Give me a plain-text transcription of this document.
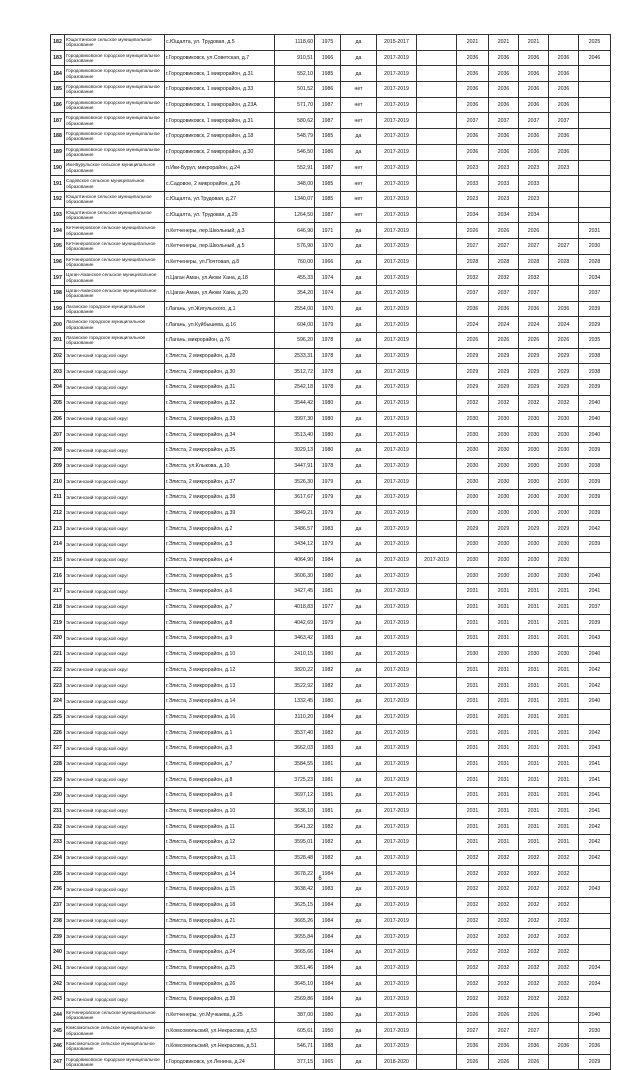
182	Ющалтинское сельское муниципальное образование	с.Ющалта, ул. Трудовая, д.5	1118,60	1975	да	2015-2017		2021	2021	2021		2025
183	Городовиковское городское муниципальное образование	г.Городовиковск, ул.Советская, д.7	910,51	1966	да	2017-2019		2036	2036	2036	2036	2046
184	Городовиковское городское муниципальное образование	г.Городовиковск, 1 микрорайон, д.31	552,10	1985	да	2017-2019		2036	2036	2036	2036	
185	Городовиковское городское муниципальное образование	г.Городовиковск, 1 микрорайон, д.33	501,52	1986	нет	2017-2019		2036	2036	2036	2036	
186	Городовиковское городское муниципальное образование	г.Городовиковск, 1 микрорайон, д.23А	571,70	1987	нет	2017-2019		2036	2036	2036	2036	
187	Городовиковское городское муниципальное образование	г.Городовиковск, 1 микрорайон, д.31	580,62	1987	нет	2017-2019		2037	2037	2037	2037	
188	Городовиковское городское муниципальное образование	г.Городовиковск, 2 микрорайон, д.18	548,79	1985	да	2017-2019		2036	2036	2036	2036	
189	Городовиковское городское муниципальное образование	г.Городовиковск, 2 микрорайон, д.30	546,50	1986	да	2017-2019		2036	2036	2036	2036	
190	Ики-Бурульское сельское муниципальное образование	п.Ики-Бурул, микрорайон, д.24	552,91	1987	нет	2017-2019		2023	2023	2023	2023	
191	Садовское сельское муниципальное образование	с.Садовое, 2 микрорайон, д.26	348,00	1985	нет	2017-2019		2033	2033	2033		
192	Ющалтинское сельское муниципальное образование	с.Ющалта, ул.Трудовая, д.27	1340,07	1985	нет	2017-2019		2023	2023	2023		
193	Ющалтинское сельское муниципальное образование	с.Ющалта, ул. Трудовая, д.29	1264,50	1987	нет	2017-2019		2034	2034	2034		
194	Кетченеровское сельское муниципальное образование	п.Кетченеры, пер.Школьный, д.3	646,90	1971	да	2017-2019		2026	2026	2026		2031
195	Кетченеровское сельское муниципальное образование	п.Кетченеры, пер.Школьный, д.5	576,90	1970	да	2017-2019		2027	2027	2027	2027	2030
196	Кетченеровское сельское муниципальное образование	п.Кетченеры, ул.Почтовая, д.8	760,00	1966	да	2017-2019		2028	2028	2028	2028	2028
197	Цаган-Аманское сельское муниципальное образование	п.Цаган Аман, ул.Аюки Хана, д.18	455,33	1974	да	2017-2019		2032	2032	2032		2034
198	Цаган-Аманское сельское муниципальное образование	п.Цаган Аман, ул.Аюки Хана, д.20	354,20	1974	да	2017-2019		2037	2037	2037		2037
199	Лаганское городское муниципальное образование	г.Лагань, ул.Жигульского, д.1	2554,00	1970	да	2017-2019		2036	2036	2036	2036	2039
200	Лаганское городское муниципальное образование	г.Лагань, ул.Куйбышева, д.16	604,00	1979	да	2017-2019		2024	2024	2024	2024	2029
201	Лаганское городское муниципальное образование	г.Лагань, микрорайон, д.76	596,20	1978	да	2017-2019		2026	2026	2026	2026	2035
202	Элистинский городской округ	г.Элиста, 2 микрорайон, д.28	2533,31	1978	да	2017-2019		2029	2029	2029	2029	2038
203	Элистинский городской округ	г.Элиста, 2 микрорайон, д.30	3512,72	1978	да	2017-2019		2029	2029	2029	2029	2038
204	Элистинский городской округ	г.Элиста, 2 микрорайон, д.31	2542,18	1978	да	2017-2019		2029	2029	2029	2029	2039
205	Элистинский городской округ	г.Элиста, 2 микрорайон, д.32	3544,42	1980	да	2017-2019		2032	2032	2032	2032	2040
206	Элистинский городской округ	г.Элиста, 2 микрорайон, д.33	3997,30	1980	да	2017-2019		2030	2030	2030	2030	2040
207	Элистинский городской округ	г.Элиста, 2 микрорайон, д.34	3513,40	1980	да	2017-2019		2030	2030	2030	2030	2040
208	Элистинский городской округ	г.Элиста, 2 микрорайон, д.35	3029,13	1980	да	2017-2019		2030	2030	2030	2030	2039
209	Элистинский городской округ	г.Элиста, ул.Клыкова, д.10	3447,91	1978	да	2017-2019		2030	2030	2030	2030	2038
210	Элистинский городской округ	г.Элиста, 2 микрорайон, д.37	3526,30	1979	да	2017-2019		2030	2030	2030	2030	2039
211	Элистинский городской округ	г.Элиста, 2 микрорайон, д.38	3617,67	1979	да	2017-2019		2030	2030	2030	2030	2039
212	Элистинский городской округ	г.Элиста, 2 микрорайон, д.39	3849,21	1979	да	2017-2019		2030	2030	2030	2030	2039
213	Элистинский городской округ	г.Элиста, 3 микрорайон, д.2	3486,57	1983	да	2017-2019		2029	2029	2029	2029	2042
214	Элистинский городской округ	г.Элиста, 3 микрорайон, д.3	3434,12	1979	да	2017-2019		2030	2030	2030	2030	2039
215	Элистинский городской округ	г.Элиста, 3 микрорайон, д.4	4064,90	1984	да	2017-2019	2017-2019	2030	2030	2030	2030	
216	Элистинский городской округ	г.Элиста, 3 микрорайон, д.5	3606,30	1980	да	2017-2019		2030	2030	2030	2030	2040
217	Элистинский городской округ	г.Элиста, 3 микрорайон, д.6	3427,45	1981	да	2017-2019		2031	2031	2031	2031	2041
218	Элистинский городской округ	г.Элиста, 3 микрорайон, д.7	4018,83	1977	да	2017-2019		2031	2031	2031	2031	2037
219	Элистинский городской округ	г.Элиста, 3 микрорайон, д.8	4042,69	1979	да	2017-2019		2031	2031	2031	2031	2039
220	Элистинский городской округ	г.Элиста, 3 микрорайон, д.9	3463,42	1983	да	2017-2019		2031	2031	2031	2031	2043
221	Элистинский городской округ	г.Элиста, 3 микрорайон, д.10	2410,15	1980	да	2017-2019		2030	2030	2030	2030	2040
222	Элистинский городской округ	г.Элиста, 3 микрорайон, д.12	3820,22	1982	да	2017-2019		2031	2031	2031	2031	2042
223	Элистинский городской округ	г.Элиста, 3 микрорайон, д.13	3522,92	1982	да	2017-2019		2031	2031	2031	2031	2042
224	Элистинский городской округ	г.Элиста, 3 микрорайон, д.14	1332,45	1980	да	2017-2019		2031	2031	2031	2031	2040
225	Элистинский городской округ	г.Элиста, 3 микрорайон, д.16	3110,20	1984	да	2017-2019		2031	2031	2031	2031	
226	Элистинский городской округ	г.Элиста, 3 микрорайон, д.1	3537,40	1982	да	2017-2019		2031	2031	2031	2031	2042
227	Элистинский городской округ	г.Элиста, 8 микрорайон, д.3	3662,03	1983	да	2017-2019		2031	2031	2031	2031	2043
228	Элистинский городской округ	г.Элиста, 8 микрорайон, д.7	3584,55	1981	да	2017-2019		2031	2031	2031	2031	2041
229	Элистинский городской округ	г.Элиста, 8 микрорайон, д.8	3725,23	1981	да	2017-2019		2031	2031	2031	2031	2041
230	Элистинский городской округ	г.Элиста, 8 микрорайон, д.9	3697,12	1981	да	2017-2019		2031	2031	2031	2031	2041
231	Элистинский городской округ	г.Элиста, 8 микрорайон, д.10	3636,10	1981	да	2017-2019		2031	2031	2031	2031	2041
232	Элистинский городской округ	г.Элиста, 8 микрорайон, д.11	3641,32	1982	да	2017-2019		2031	2031	2031	2031	2042
233	Элистинский городской округ	г.Элиста, 8 микрорайон, д.12	3595,01	1982	да	2017-2019		2031	2031	2031	2031	2042
234	Элистинский городской округ	г.Элиста, 8 микрорайон, д.13	3528,48	1982	да	2017-2019		2032	2032	2032	2032	2042
235	Элистинский городской округ	г.Элиста, 8 микрорайон, д.14	3678,22	1984	да	2017-2019		2032	2032	2032	2032	
236	Элистинский городской округ	г.Элиста, 8 микрорайон, д.15	3638,42	1983	да	2017-2019		2032	2032	2032	2032	2043
237	Элистинский городской округ	г.Элиста, 8 микрорайон, д.18	3625,15	1984	да	2017-2019		2032	2032	2032	2032	
238	Элистинский городской округ	г.Элиста, 8 микрорайон, д.21	3665,26	1984	да	2017-2019		2032	2032	2032	2032	
239	Элистинский городской округ	г.Элиста, 8 микрорайон, д.23	3655,84	1984	да	2017-2019		2032	2032	2032	2032	
240	Элистинский городской округ	г.Элиста, 8 микрорайон, д.24	3665,66	1984	да	2017-2019		2032	2032	2032	2032	
241	Элистинский городской округ	г.Элиста, 8 микрорайон, д.25	3651,46	1984	да	2017-2019		2032	2032	2032	2032	2034
242	Элистинский городской округ	г.Элиста, 8 микрорайон, д.26	3645,10	1984	да	2017-2019		2032	2032	2032	2032	2034
243	Элистинский городской округ	г.Элиста, 8 микрорайон, д.39	2569,86	1984	да	2017-2019		2032	2032	2032	2032	
244	Кетченеровское сельское муниципальное образование	п.Кетченеры, ул.Мучкаева, д.25	387,00	1980	да	2017-2019		2026	2026	2026		2040
245	Комсомольское сельское муниципальное образование	п.Комсомольский, ул.Некрасова, д.53	605,61	1950	да	2017-2019		2027	2027	2027		2030
246	Комсомольское сельское муниципальное образование	п.Комсомольский, ул.Некрасова, д.51	546,71	1988	да	2017-2019		2036	2036	2036	2036	2036
247	Городовиковское городское муниципальное образование	г.Городовиковск, ул.Ленина, д.24	377,15	1965	да	2018-2020		2026	2026	2026		2029
6
